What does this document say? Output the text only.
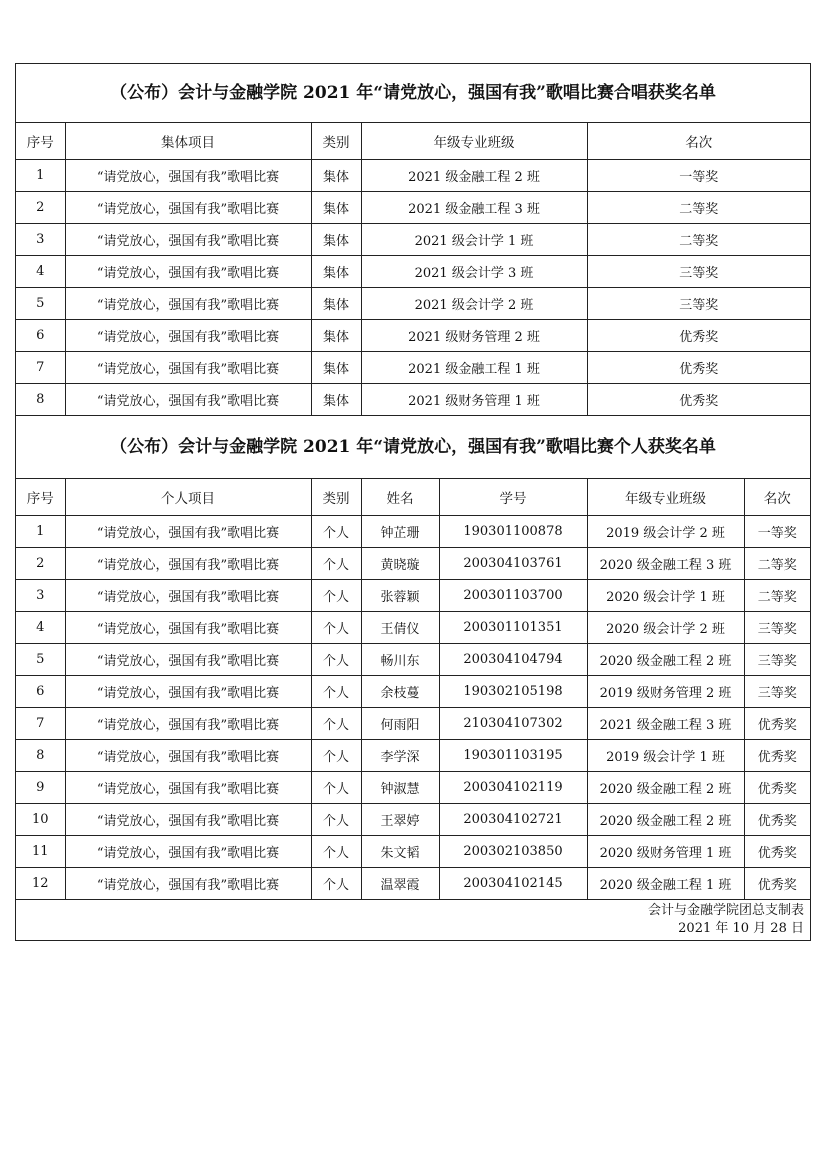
（公布）会计与金融学院 2021 年“请党放心，强国有我”歌唱比赛合唱获奖名单
序号	集体项目	类别	年级专业班级	名次
1	“请党放心，强国有我”歌唱比赛	集体	2021 级金融工程 2 班	一等奖
2	“请党放心，强国有我”歌唱比赛	集体	2021 级金融工程 3 班	二等奖
3	“请党放心，强国有我”歌唱比赛	集体	2021 级会计学 1 班	二等奖
4	“请党放心，强国有我”歌唱比赛	集体	2021 级会计学 3 班	三等奖
5	“请党放心，强国有我”歌唱比赛	集体	2021 级会计学 2 班	三等奖
6	“请党放心，强国有我”歌唱比赛	集体	2021 级财务管理 2 班	优秀奖
7	“请党放心，强国有我”歌唱比赛	集体	2021 级金融工程 1 班	优秀奖
8	“请党放心，强国有我”歌唱比赛	集体	2021 级财务管理 1 班	优秀奖
（公布）会计与金融学院 2021 年“请党放心，强国有我”歌唱比赛个人获奖名单
序号	个人项目	类别	姓名	学号	年级专业班级	名次
1	“请党放心，强国有我”歌唱比赛	个人	钟芷珊	190301100878	2019 级会计学 2 班	一等奖
2	“请党放心，强国有我”歌唱比赛	个人	黄晓璇	200304103761	2020 级金融工程 3 班	二等奖
3	“请党放心，强国有我”歌唱比赛	个人	张蓉颖	200301103700	2020 级会计学 1 班	二等奖
4	“请党放心，强国有我”歌唱比赛	个人	王倩仪	200301101351	2020 级会计学 2 班	三等奖
5	“请党放心，强国有我”歌唱比赛	个人	畅川东	200304104794	2020 级金融工程 2 班	三等奖
6	“请党放心，强国有我”歌唱比赛	个人	余枝蔓	190302105198	2019 级财务管理 2 班	三等奖
7	“请党放心，强国有我”歌唱比赛	个人	何雨阳	210304107302	2021 级金融工程 3 班	优秀奖
8	“请党放心，强国有我”歌唱比赛	个人	李学深	190301103195	2019 级会计学 1 班	优秀奖
9	“请党放心，强国有我”歌唱比赛	个人	钟淑慧	200304102119	2020 级金融工程 2 班	优秀奖
10	“请党放心，强国有我”歌唱比赛	个人	王翠婷	200304102721	2020 级金融工程 2 班	优秀奖
11	“请党放心，强国有我”歌唱比赛	个人	朱文韬	200302103850	2020 级财务管理 1 班	优秀奖
12	“请党放心，强国有我”歌唱比赛	个人	温翠霞	200304102145	2020 级金融工程 1 班	优秀奖
会计与金融学院团总支制表
2021 年 10 月 28 日
